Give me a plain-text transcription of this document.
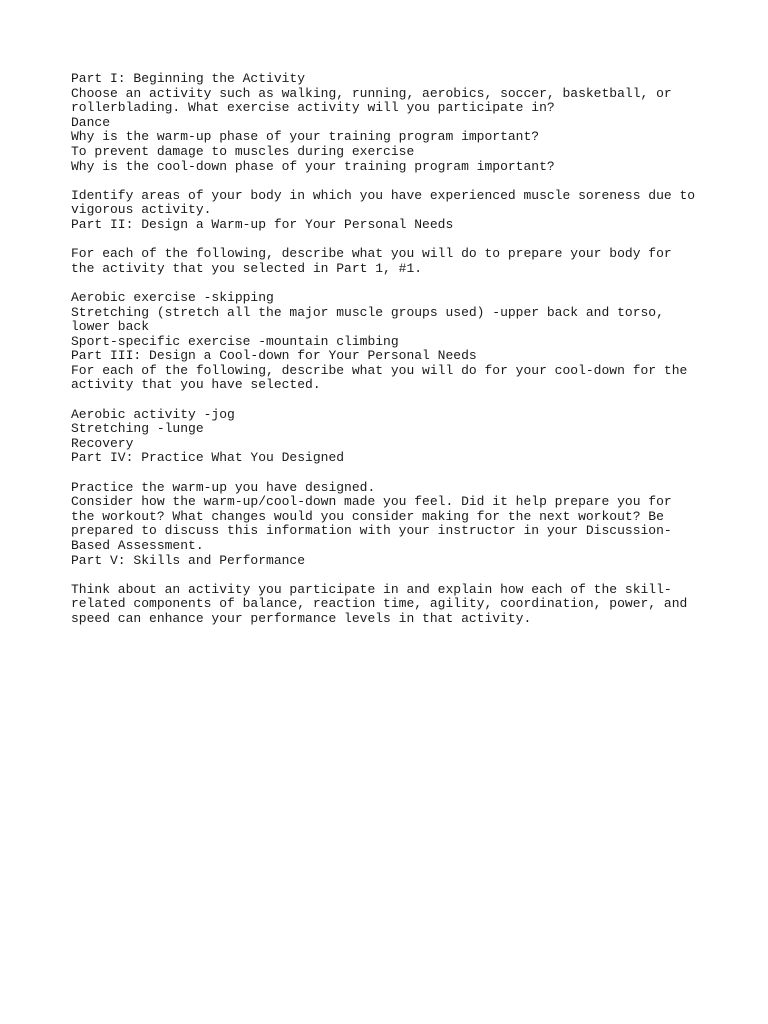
Part I: Beginning the Activity
Choose an activity such as walking, running, aerobics, soccer, basketball, or rollerblading. What exercise activity will you participate in?
Dance
Why is the warm-up phase of your training program important?
To prevent damage to muscles during exercise
Why is the cool-down phase of your training program important?
Identify areas of your body in which you have experienced muscle soreness due to vigorous activity.
Part II: Design a Warm-up for Your Personal Needs
For each of the following, describe what you will do to prepare your body for the activity that you selected in Part 1, #1.
Aerobic exercise -skipping
Stretching (stretch all the major muscle groups used) -upper back and torso, lower back
Sport-specific exercise -mountain climbing
Part III: Design a Cool-down for Your Personal Needs
For each of the following, describe what you will do for your cool-down for the activity that you have selected.
Aerobic activity -jog
Stretching -lunge
Recovery
Part IV: Practice What You Designed
Practice the warm-up you have designed.
Consider how the warm-up/cool-down made you feel. Did it help prepare you for the workout? What changes would you consider making for the next workout? Be prepared to discuss this information with your instructor in your Discussion-Based Assessment.
Part V: Skills and Performance
Think about an activity you participate in and explain how each of the skill-related components of balance, reaction time, agility, coordination, power, and speed can enhance your performance levels in that activity.
